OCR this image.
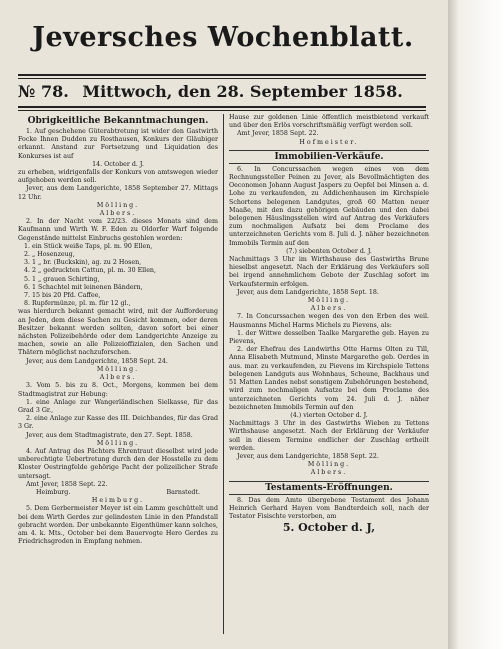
Jeversches Wochenblatt.
№ 78. Mittwoch, den 28. September 1858.
Obrigkeitliche Bekanntmachungen.

1. Auf geschehene Güterabtretung ist wider den Gastwirth Focke Ihnen Dudden zu Rosthausen, Konkurs der Gläubiger erkannt. Anstand zur Fortsetzung und Liquidation des Konkurses ist auf

14. October d. J.

zu erheben, widrigenfalls der Konkurs von amtswegen wieder aufgehoben werden soll.

Jever, aus dem Landgerichte, 1858 September 27. Mittags 12 Uhr.

Mölling.

Albers.

2. In der Nacht vom 22/23. dieses Monats sind dem Kaufmann und Wirth W. F. Eden zu Oldorfer Warf folgende Gegenstände mittelst Einbruchs gestohlen worden:

1. ein Stück weiße Taps, pl. m. 90 Ellen,

2. „ Hosenzeug,

3. 1 „ br. (Buckskin), ag. zu 2 Hosen,

4. 2 „ gedruckten Cattun, pl. m. 30 Ellen,

5. 1 „ grauen Schirting,

6. 1 Schachtel mit leinenen Bändern,

7. 15 bis 20 Pfd. Caffee,

8. Rupfermünze, pl. m. für 12 gl.,

was hierdurch bekannt gemacht wird, mit der Aufforderung an Jeden, dem diese Sachen zu Gesicht kommen, oder deren Besitzer bekannt werden sollten, davon sofort bei einer nächsten Polizeibehörde oder dem Landgerichte Anzeige zu machen, sowie an alle Polizeioffizialen, den Sachen und Thätern möglichst nachzuforschen.

Jever, aus dem Landgerichte, 1858 Sept. 24.

Mölling.

Albers.

3. Vom 5. bis zu 8. Oct., Morgens, kommen bei dem Stadtmagistrat zur Hebung:

1. eine Anlage zur Wangerländischen Sielkasse, für das Grad 3 Gr.,

2. eine Anlage zur Kasse des III. Deichbandes, für das Grad 3 Gr.

Jever, aus dem Stadtmagistrate, den 27. Sept. 1858.

Mölling.

4. Auf Antrag des Pächters Ehrentraut dieselbst wird jede unberechtigte Uebertretung durch den der Hosstelle zu dem Kloster Oestringfelde gehörige Pacht der polizeilicher Strafe untersagt.

Amt Jever, 1858 Sept. 22.

Heimburg.	Barnstedt.

Heimburg.

5. Dem Gerbermeister Meyer ist ein Lamm geschüttelt und bei dem Wirth Gerdes zur gelindesten Linie in den Pfandstall gebracht worden. Der unbekannte Eigenthümer kann solches, am 4. k. Mts., October bei dem Bauervogte Hero Gerdes zu Friedrichsgroden in Empfang nehmen.

Hause zur goldenen Linie öffentlich meistbietend verkauft und über den Erlös vorschriftsmäßig verfügt werden soll.

Amt Jever, 1858 Sept. 22.

Hofmeister.

Immobilien-Verkäufe.

6. In Concurssachen wegen eines von dem Rechnungssteller Peinen zu Jever, als Bevollmächtigten des Oeconomen Johann August Jaspers zu Oepfel bei Minsen a. d. Lohe zu verkaufenden, zu Addichenhausen im Kirchspiele Schortens belegenen Landgutes, groß 60 Matten neuer Maaße, mit den dazu gehörigen Gebäuden und den dabei belegenen Häuslingsstellen wird auf Antrag des Verkäufers zum nochmaligen Aufsatz bei dem Proclame des unterzeichneten Gerichts vom 8. Juli d. J. näher bezeichneten Immobils Termin auf den

(7.) siebenten October d. J.

Nachmittags 3 Uhr im Wirthshause des Gastwirths Brune hieselbst angesetzt. Nach der Erklärung des Verkäufers soll bei irgend annehmlichem Gebote der Zuschlag sofort im Verkaufstermin erfolgen.

Jever, aus dem Landgerichte, 1858 Sept. 18.

Mölling.

Albers.

7. In Concurssachen wegen des von den Erben des weil. Hausmanns Michel Harms Michels zu Pievens, als:

1. der Wittwe desselben Taalke Margarethe geb. Hayen zu Pievens,

2. der Ehefrau des Landwirths Otte Harms Olten zu Till, Anna Elisabeth Mutmund, Minste Margarethe geb. Oerdes in aus. mar. zu verkaufenden, zu Pievens im Kirchspiele Tettens belegenen Landguts aus Wohnhaus, Scheune, Backhaus und 51 Matten Landes nebst sonstigem Zubehörungen bestehend, wird zum nochmaligen Aufsatze bei dem Proclame des unterzeichneten Gerichts vom 24. Juli d. J. näher bezeichneten Immobils Termin auf den

(4.) vierten October d. J.

Nachmittags 3 Uhr in des Gastwirths Wieben zu Tettens Wirthshause angesetzt. Nach der Erklärung der Verkäufer soll in diesem Termine endlicher der Zuschlag ertheilt werden.

Jever, aus dem Landgerichte, 1858 Sept. 22.

Mölling.

Albers.

Testaments-Eröffnungen.

8. Das dem Amte übergebene Testament des Johann Heinrich Gerhard Hayen vom Bandterdeich soll, nach der Testator Fisischte verstorben, am

5. October d. J,
